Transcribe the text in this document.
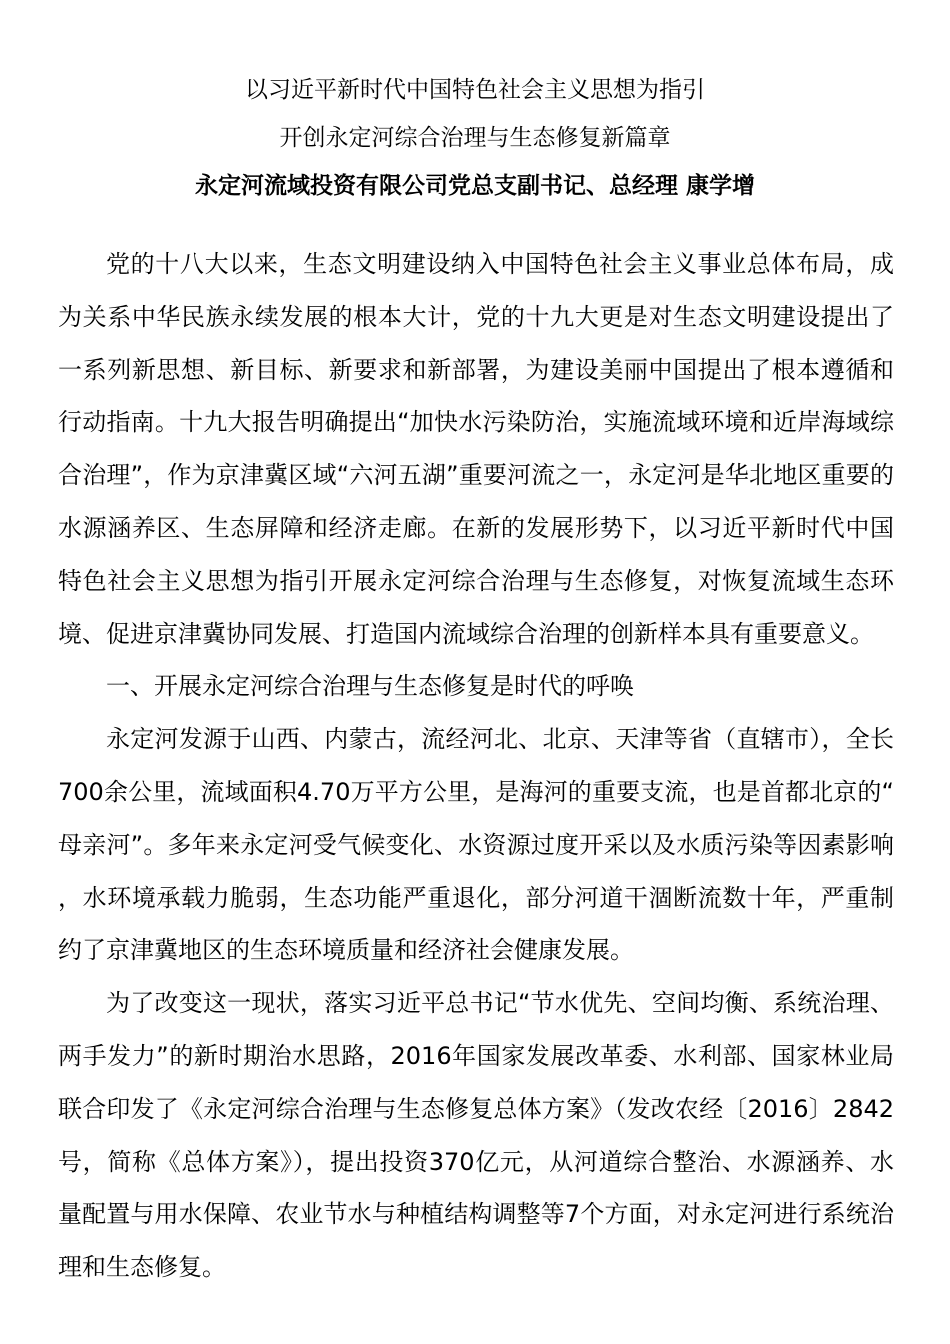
以习近平新时代中国特色社会主义思想为指引
开创永定河综合治理与生态修复新篇章
永定河流域投资有限公司党总支副书记、总经理 康学增

党的十八大以来，生态文明建设纳入中国特色社会主义事业总体布局，成为关系中华民族永续发展的根本大计，党的十九大更是对生态文明建设提出了一系列新思想、新目标、新要求和新部署，为建设美丽中国提出了根本遵循和行动指南。十九大报告明确提出“加快水污染防治，实施流域环境和近岸海域综合治理”，作为京津冀区域“六河五湖”重要河流之一，永定河是华北地区重要的水源涵养区、生态屏障和经济走廊。在新的发展形势下，以习近平新时代中国特色社会主义思想为指引开展永定河综合治理与生态修复，对恢复流域生态环境、促进京津冀协同发展、打造国内流域综合治理的创新样本具有重要意义。

一、开展永定河综合治理与生态修复是时代的呼唤

永定河发源于山西、内蒙古，流经河北、北京、天津等省（直辖市），全长700余公里，流域面积4.70万平方公里，是海河的重要支流，也是首都北京的“母亲河”。多年来永定河受气候变化、水资源过度开采以及水质污染等因素影响，水环境承载力脆弱，生态功能严重退化，部分河道干涸断流数十年，严重制约了京津冀地区的生态环境质量和经济社会健康发展。

为了改变这一现状，落实习近平总书记“节水优先、空间均衡、系统治理、两手发力”的新时期治水思路，2016年国家发展改革委、水利部、国家林业局联合印发了《永定河综合治理与生态修复总体方案》（发改农经〔2016〕2842号，简称《总体方案》），提出投资370亿元，从河道综合整治、水源涵养、水量配置与用水保障、农业节水与种植结构调整等7个方面，对永定河进行系统治理和生态修复。
